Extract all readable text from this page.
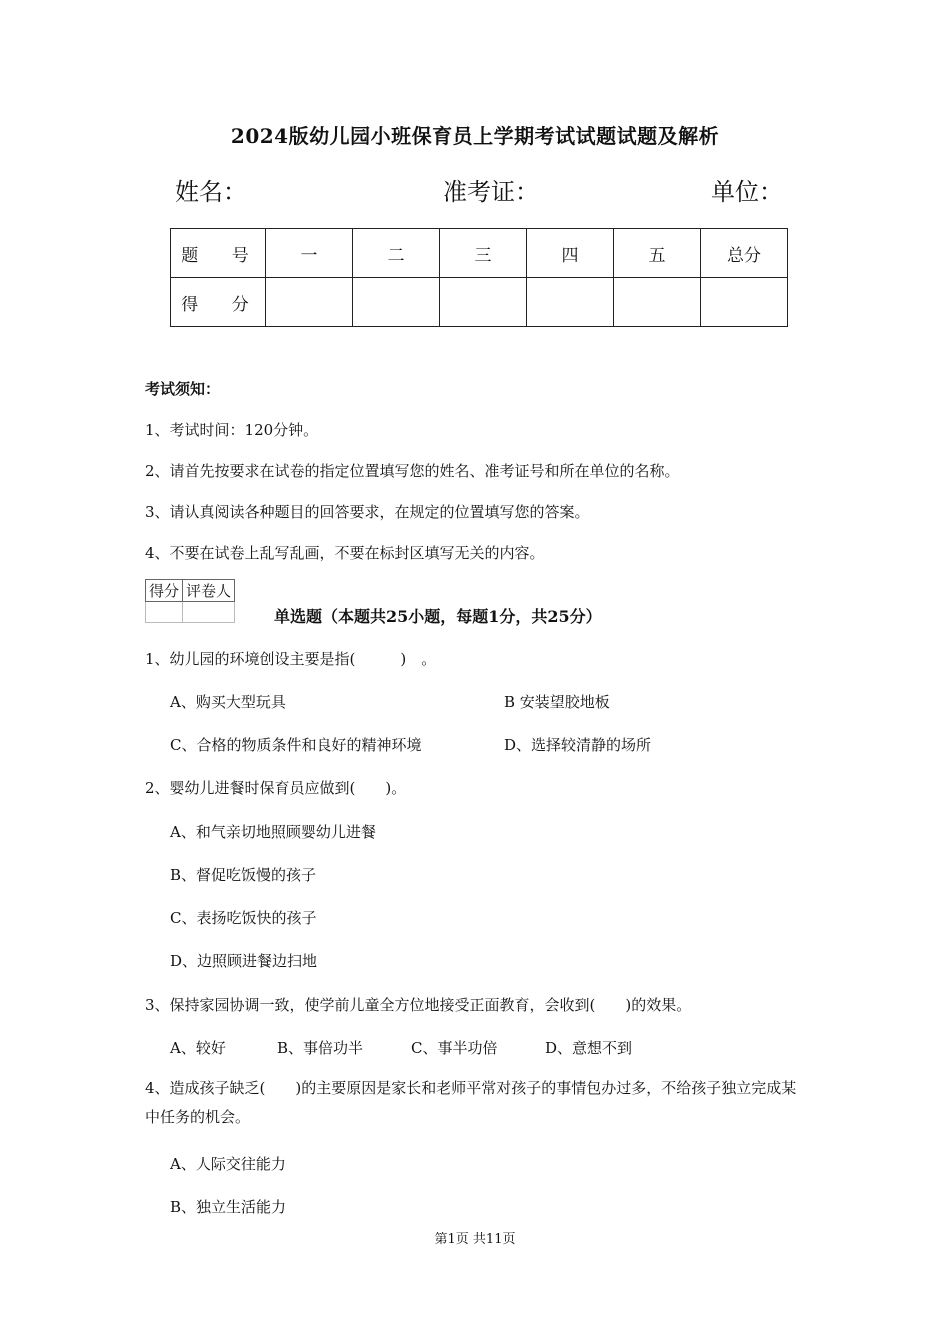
2024版幼儿园小班保育员上学期考试试题试题及解析
姓名：	准考证：	单位：
题 号	一	二	三	四	五	总分
得 分						
考试须知：
1、考试时间：120分钟。
2、请首先按要求在试卷的指定位置填写您的姓名、准考证号和所在单位的名称。
3、请认真阅读各种题目的回答要求，在规定的位置填写您的答案。
4、不要在试卷上乱写乱画，不要在标封区填写无关的内容。
得分	评卷人

单选题（本题共25小题，每题1分，共25分）
1、幼儿园的环境创设主要是指(　　　)　。
A、购买大型玩具	B 安装望胶地板
C、合格的物质条件和良好的精神环境	D、选择较清静的场所
2、婴幼儿进餐时保育员应做到(　　)。
A、和气亲切地照顾婴幼儿进餐
B、督促吃饭慢的孩子
C、表扬吃饭快的孩子
D、边照顾进餐边扫地
3、保持家园协调一致，使学前儿童全方位地接受正面教育，会收到(　　)的效果。
A、较好	B、事倍功半	C、事半功倍	D、意想不到
4、造成孩子缺乏(　　)的主要原因是家长和老师平常对孩子的事情包办过多，不给孩子独立完成某中任务的机会。
A、人际交往能力
B、独立生活能力
第1页 共11页
